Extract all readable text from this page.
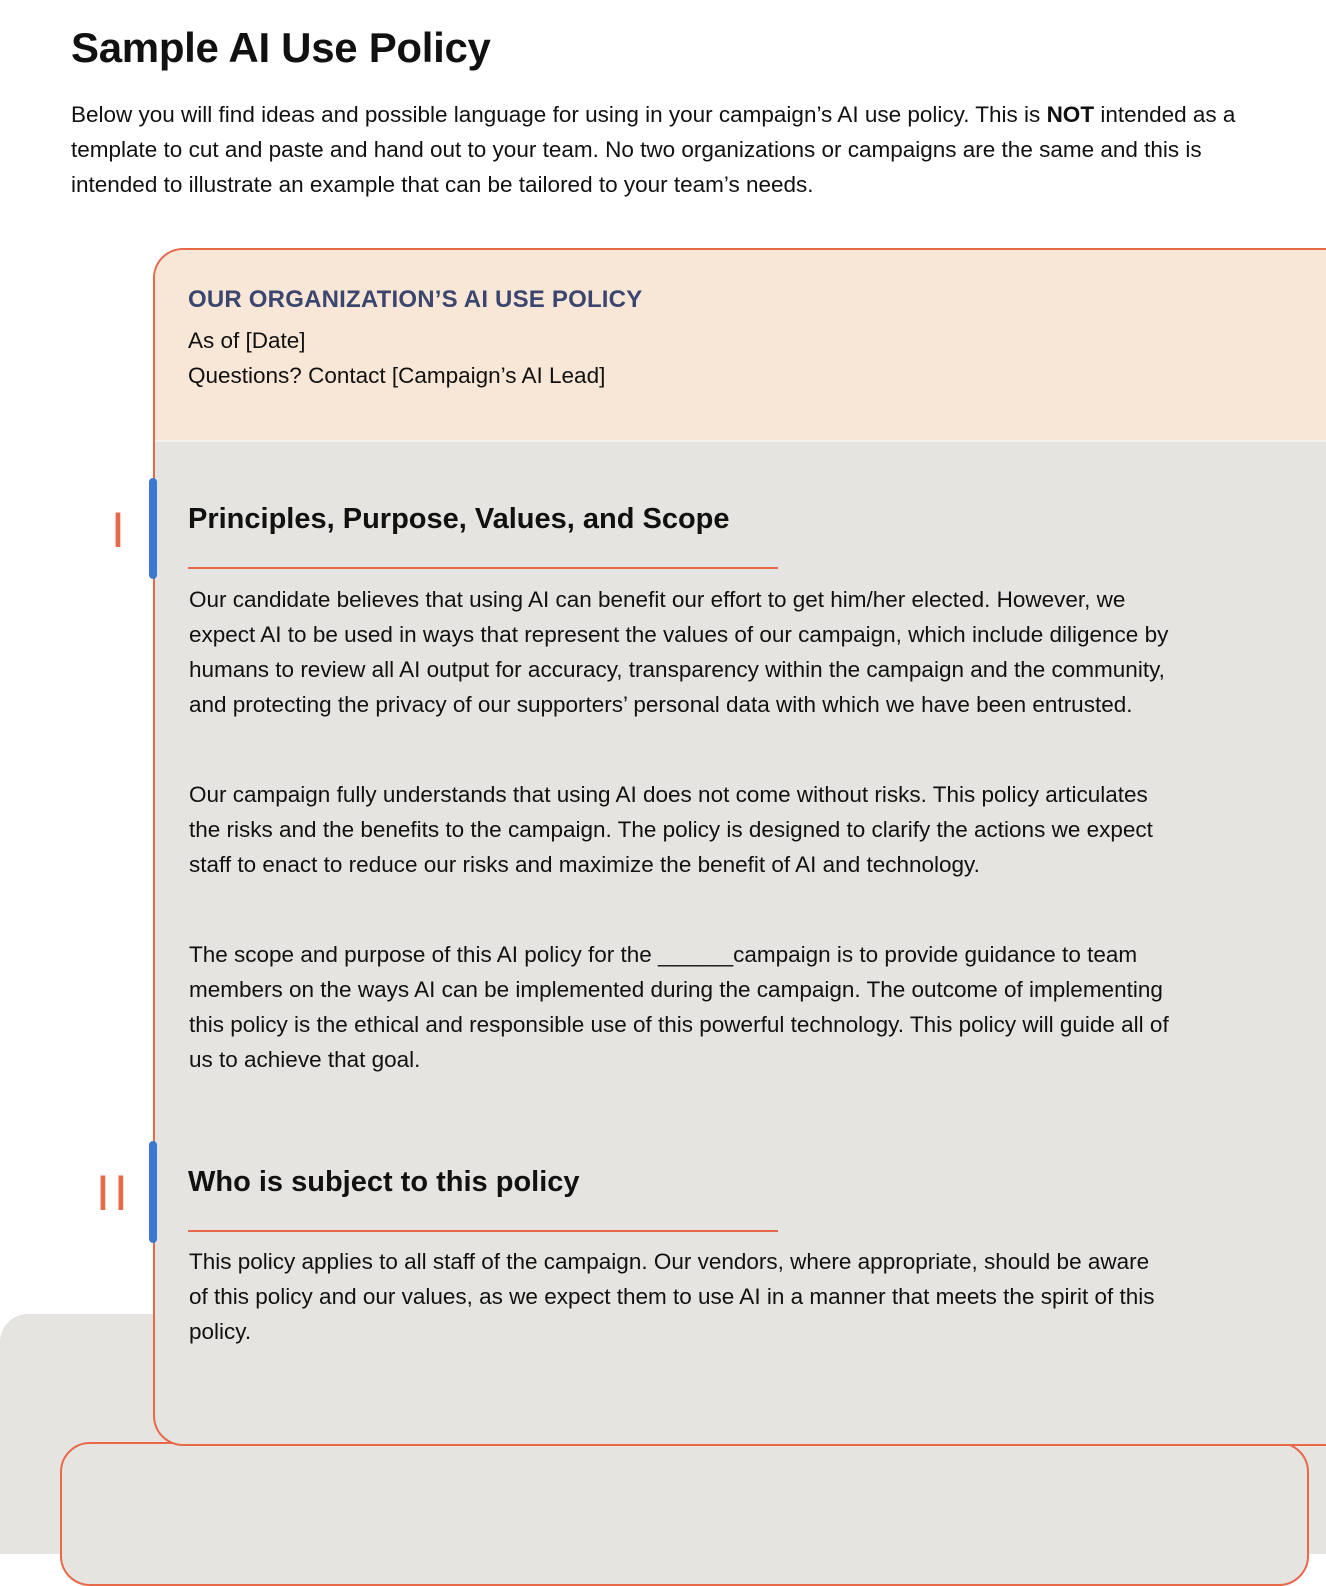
Sample AI Use Policy

Below you will find ideas and possible language for using in your campaign’s AI use policy. This is NOT intended as a template to cut and paste and hand out to your team. No two organizations or campaigns are the same and this is intended to illustrate an example that can be tailored to your team’s needs.

OUR ORGANIZATION’S AI USE POLICY

As of [Date]

Questions? Contact [Campaign’s AI Lead]

I Principles, Purpose, Values, and Scope

Our candidate believes that using AI can benefit our effort to get him/her elected. However, we expect AI to be used in ways that represent the values of our campaign, which include diligence by humans to review all AI output for accuracy, transparency within the campaign and the community, and protecting the privacy of our supporters’ personal data with which we have been entrusted.

Our campaign fully understands that using AI does not come without risks. This policy articulates the risks and the benefits to the campaign. The policy is designed to clarify the actions we expect staff to enact to reduce our risks and maximize the benefit of AI and technology.

The scope and purpose of this AI policy for the ______campaign is to provide guidance to team members on the ways AI can be implemented during the campaign. The outcome of implementing this policy is the ethical and responsible use of this powerful technology. This policy will guide all of us to achieve that goal.

II Who is subject to this policy

This policy applies to all staff of the campaign. Our vendors, where appropriate, should be aware of this policy and our values, as we expect them to use AI in a manner that meets the spirit of this policy.
